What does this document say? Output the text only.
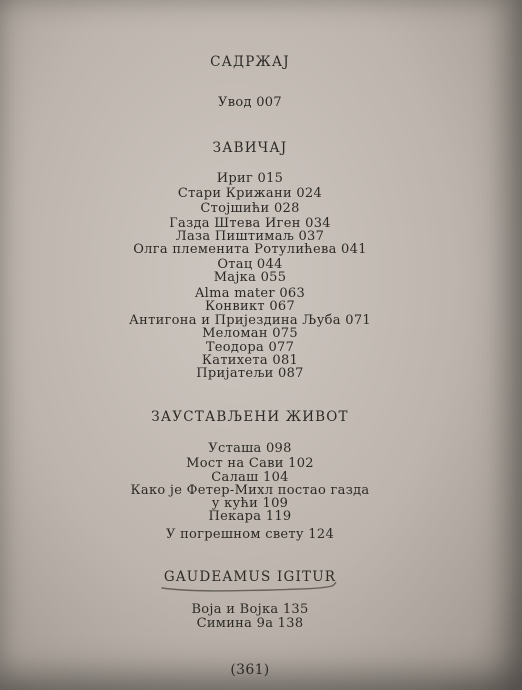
САДРЖАЈ
Увод 007
ЗАВИЧАЈ
Ириг 015
Стари Крижани 024
Стојшићи 028
Газда Штева Иген 034
Лаза Пиштимаљ 037
Олга племенита Ротулићева 041
Отац 044
Мајка 055
Alma mater 063
Конвикт 067
Антигона и Пријездина Љуба 071
Меломан 075
Теодора 077
Катихета 081
Пријатељи 087
ЗАУСТАВЉЕНИ ЖИВОТ
Усташа 098
Мост на Сави 102
Салаш 104
Како је Фетер-Михл постао газда
у кући 109
Пекара 119
У погрешном свету 124
GAUDEAMUS IGITUR
Воја и Војка 135
Симина 9а 138
(361)
